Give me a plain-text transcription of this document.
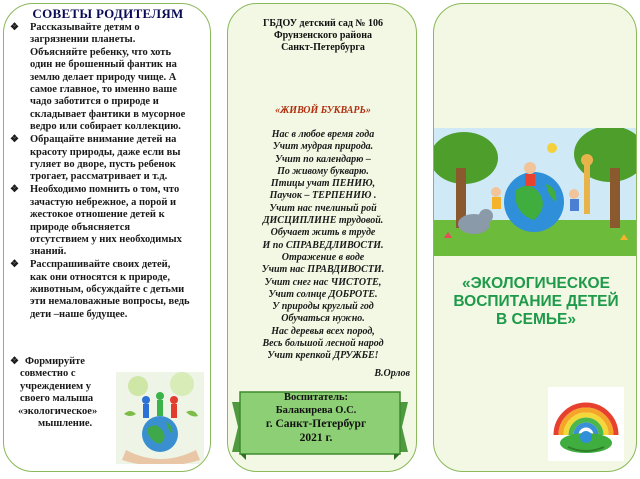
СОВЕТЫ РОДИТЕЛЯМ
❖ Рассказывайте детям о
загрязнении планеты.
Объясняйте ребенку, что хоть
один не брошенный фантик на
землю делает природу чище. А
самое главное, то именно ваше
чадо заботится о природе и
складывает фантики в мусорное
ведро или собирает коллекцию.
❖ Обращайте внимание детей на
красоту природы, даже если вы
гуляет во дворе, пусть ребенок
трогает, рассматривает и т.д.
❖ Необходимо помнить о том, что
зачастую небрежное, а порой и
жестокое отношение детей к
природе объясняется
отсутствием у них необходимых
знаний.
❖ Расспрашивайте своих детей,
как они относятся к природе,
животным, обсуждайте с детьми
эти немаловажные вопросы, ведь
дети –наше будущее.
❖ Формируйте
совместно с
учреждением у
своего малыша
«экологическое»
мышление.
ГБДОУ детский сад № 106
Фрунзенского района
Санкт-Петербурга
«ЖИВОЙ БУКВАРЬ»
Нас в любое время года
Учит мудрая природа.
Учит по календарю –
По живому букварю.
Птицы учат ПЕНИЮ,
Паучок – ТЕРПЕНИЮ .
Учит нас пчелиный рой
ДИСЦИПЛИНЕ трудовой.
Обучает жить в труде
И по СПРАВЕДЛИВОСТИ.
Отражение в воде
Учит нас ПРАВДИВОСТИ.
Учит снег нас ЧИСТОТЕ,
Учит солнце ДОБРОТЕ.
У природы круглый год
Обучаться нужно.
Нас деревья всех пород,
Весь большой лесной народ
Учит крепкой ДРУЖБЕ!
В.Орлов
Воспитатель:
Балакирева О.С.
г. Санкт-Петербург
2021 г.
«ЭКОЛОГИЧЕСКОЕ
ВОСПИТАНИЕ ДЕТЕЙ
В СЕМЬЕ»
